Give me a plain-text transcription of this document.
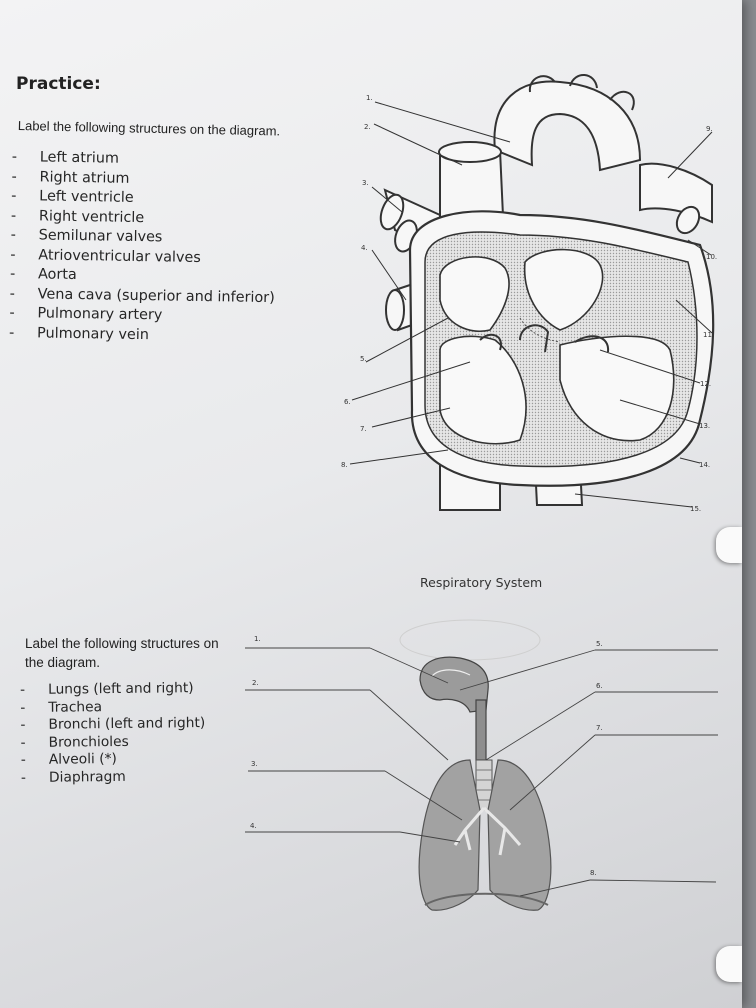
Practice:
Label the following structures on the diagram.
- Left atrium
- Right atrium
- Left ventricle
- Right ventricle
- Semilunar valves
- Atrioventricular valves
- Aorta
- Vena cava (superior and inferior)
- Pulmonary artery
- Pulmonary vein
1.
2.
3.
4.
5.
6.
7.
8.
9.
10.
11.
12.
13.
14.
15.
Respiratory System
Label the following structures on the diagram.
- Lungs (left and right)
- Trachea
- Bronchi (left and right)
- Bronchioles
- Alveoli (*)
- Diaphragm
1.
2.
3.
4.
5.
6.
7.
8.
